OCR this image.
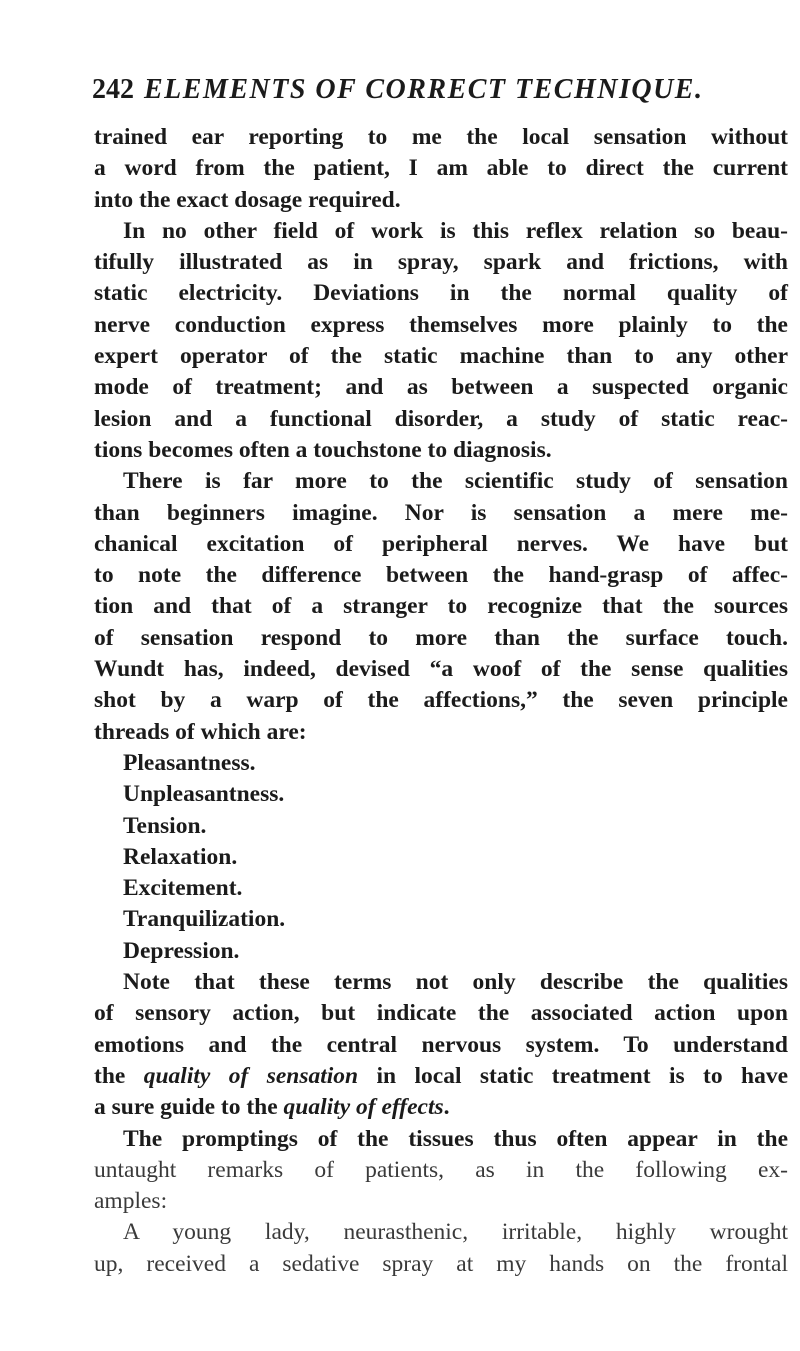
242 ELEMENTS OF CORRECT TECHNIQUE.
trained ear reporting to me the local sensation without
a word from the patient, I am able to direct the current
into the exact dosage required.
In no other field of work is this reflex relation so beau-
tifully illustrated as in spray, spark and frictions, with
static electricity. Deviations in the normal quality of
nerve conduction express themselves more plainly to the
expert operator of the static machine than to any other
mode of treatment; and as between a suspected organic
lesion and a functional disorder, a study of static reac-
tions becomes often a touchstone to diagnosis.
There is far more to the scientific study of sensation
than beginners imagine. Nor is sensation a mere me-
chanical excitation of peripheral nerves. We have but
to note the difference between the hand-grasp of affec-
tion and that of a stranger to recognize that the sources
of sensation respond to more than the surface touch.
Wundt has, indeed, devised “a woof of the sense qualities
shot by a warp of the affections,” the seven principle
threads of which are:
Pleasantness.
Unpleasantness.
Tension.
Relaxation.
Excitement.
Tranquilization.
Depression.
Note that these terms not only describe the qualities
of sensory action, but indicate the associated action upon
emotions and the central nervous system. To understand
the quality of sensation in local static treatment is to have
a sure guide to the quality of effects.
The promptings of the tissues thus often appear in the
untaught remarks of patients, as in the following ex-
amples:
A young lady, neurasthenic, irritable, highly wrought
up, received a sedative spray at my hands on the frontal
